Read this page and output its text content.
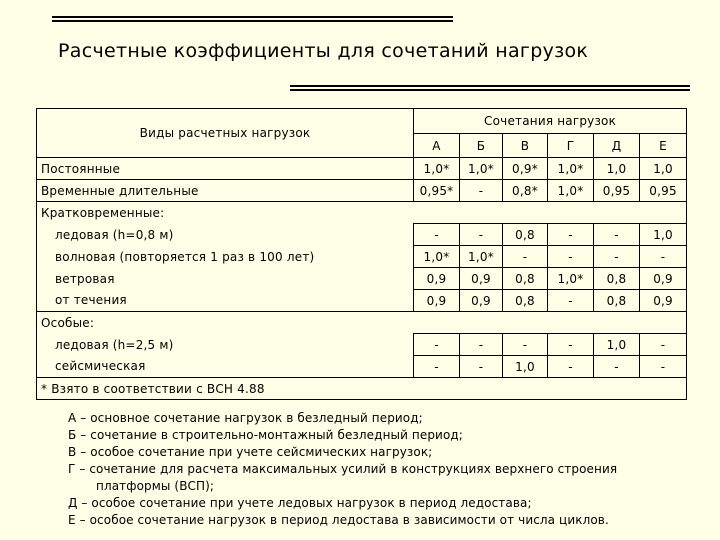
Расчетные коэффициенты для сочетаний нагрузок
Виды расчетных нагрузок	Сочетания нагрузок					
	А	Б	В	Г	Д	Е
Постоянные	1,0*	1,0*	0,9*	1,0*	1,0	1,0
Временные длительные	0,95*	-	0,8*	1,0*	0,95	0,95
Кратковременные:						
ледовая (h=0,8 м)	-	-	0,8	-	-	1,0
волновая (повторяется 1 раз в 100 лет)	1,0*	1,0*	-	-	-	-
ветровая	0,9	0,9	0,8	1,0*	0,8	0,9
от течения	0,9	0,9	0,8	-	0,8	0,9
Особые:						
ледовая (h=2,5 м)	-	-	-	-	1,0	-
сейсмическая	-	-	1,0	-	-	-
* Взято в соответствии с ВСН 4.88						
А – основное сочетание нагрузок в безледный период;
Б – сочетание в строительно-монтажный безледный период;
В – особое сочетание при учете сейсмических нагрузок;
Г – сочетание для расчета максимальных усилий в конструкциях верхнего строения
платформы (ВСП);
Д – особое сочетание при учете ледовых нагрузок в период ледостава;
Е – особое сочетание нагрузок в период ледостава в зависимости от числа циклов.
